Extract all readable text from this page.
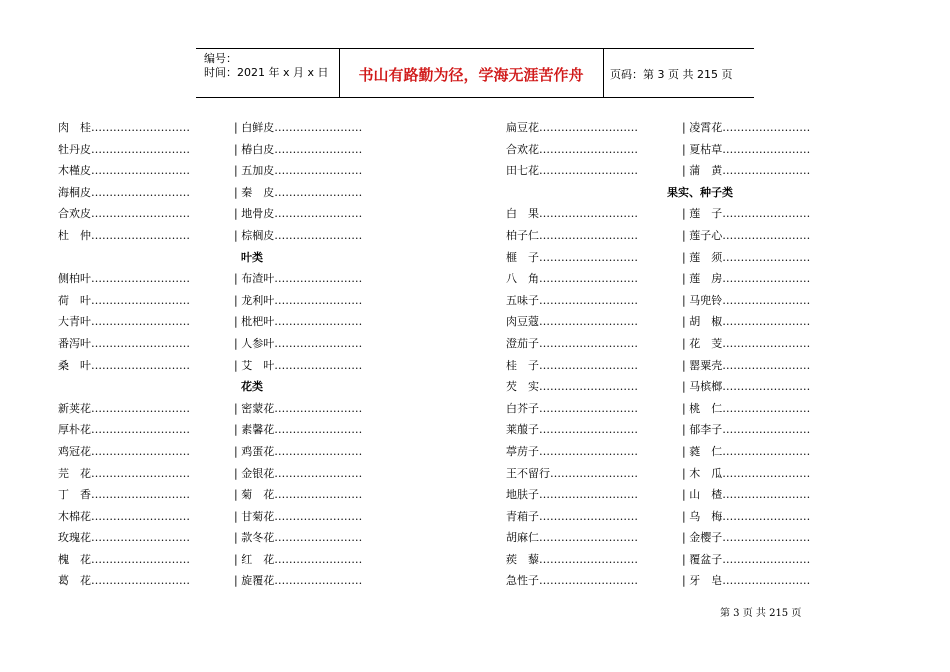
编号：
时间：2021 年 x 月 x 日	书山有路勤为径，学海无涯苦作舟	页码：第 3 页 共 215 页
肉　桂………………………	| 白鲜皮……………………
牡丹皮………………………	| 椿白皮……………………
木槿皮………………………	| 五加皮……………………
海桐皮………………………	| 秦　皮……………………
合欢皮………………………	| 地骨皮……………………
杜　仲………………………	| 棕榈皮……………………
叶类
侧柏叶………………………	| 布渣叶……………………
荷　叶………………………	| 龙利叶……………………
大青叶………………………	| 枇杷叶……………………
番泻叶………………………	| 人参叶……………………
桑　叶………………………	| 艾　叶……………………
花类
新荚花………………………	| 密蒙花……………………
厚朴花………………………	| 素馨花……………………
鸡冠花………………………	| 鸡蛋花……………………
芫　花………………………	| 金银花……………………
丁　香………………………	| 菊　花……………………
木棉花………………………	| 甘菊花……………………
玫瑰花………………………	| 款冬花……………………
槐　花………………………	| 红　花……………………
葛　花………………………	| 旋覆花……………………
扁豆花………………………	| 凌霄花……………………
合欢花………………………	| 夏枯草……………………
田七花………………………	| 蒲　黄……………………
果实、种子类
白　果………………………	| 莲　子……………………
柏子仁………………………	| 莲子心……………………
榧　子………………………	| 莲　须……………………
八　角………………………	| 莲　房……………………
五味子………………………	| 马兜铃……………………
肉豆蔻………………………	| 胡　椒……………………
澄茄子………………………	| 花　芰……………………
桂　子………………………	| 罂粟壳……………………
芡　实………………………	| 马槟榔……………………
白芥子………………………	| 桃　仁……………………
莱菔子………………………	| 郁李子……………………
葶苈子………………………	| 蕤　仁……………………
王不留行……………………	| 木　瓜……………………
地肤子………………………	| 山　楂……………………
青葙子………………………	| 乌　梅……………………
胡麻仁………………………	| 金樱子……………………
蒺　藜………………………	| 覆盆子……………………
急性子………………………	| 牙　皂……………………
第 3 页 共 215 页
